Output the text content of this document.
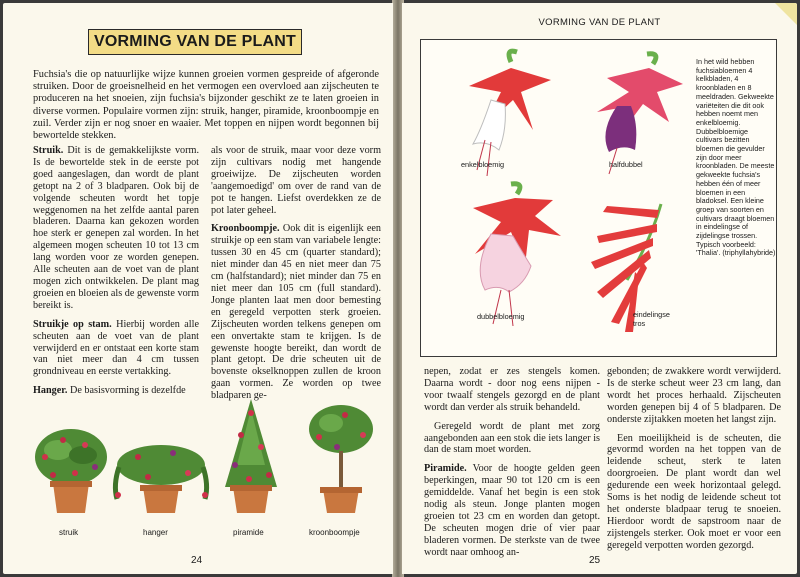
VORMING VAN DE PLANT

Fuchsia's die op natuurlijke wijze kunnen groeien vormen gespreide of afgeronde struiken. Door de groeisnelheid en het vermogen een overvloed aan zijscheuten te produceren na het snoeien, zijn fuchsia's bijzonder geschikt ze te laten groeien in diverse vormen. Populaire vormen zijn: struik, hanger, piramide, kroonboompje en zuil. Verder zijn er nog snoer en waaier. Met toppen en nijpen wordt begonnen bij bewortelde stekken.

Struik. Dit is de gemakkelijkste vorm. Is de bewortelde stek in de eerste pot goed aangeslagen, dan wordt de plant getopt na 2 of 3 bladparen. Ook bij de volgende scheuten wordt het topje weggenomen na het zelfde aantal paren bladeren. Daarna kan gekozen worden hoe sterk er genepen zal worden. In het algemeen mogen scheuten 10 tot 13 cm lang worden voor ze worden genepen. Alle scheuten aan de voet van de plant mogen zich ontwikkelen. De plant mag groeien en bloeien als de gewenste vorm bereikt is.

Struikje op stam. Hierbij worden alle scheuten aan de voet van de plant verwijderd en er ontstaat een korte stam van niet meer dan 4 cm tussen grondniveau en eerste vertakking.

Hanger. De basisvorming is dezelfde

als voor de struik, maar voor deze vorm zijn cultivars nodig met hangende groeiwijze. De zijscheuten worden 'aangemoedigd' om over de rand van de pot te hangen. Liefst overdekken ze de pot later geheel.

Kroonboompje. Ook dit is eigenlijk een struikje op een stam van variabele lengte: tussen 30 en 45 cm (quarter standard); niet minder dan 45 en niet meer dan 75 cm (halfstandard); niet minder dan 75 en niet meer dan 105 cm (full standard). Jonge planten laat men door bemesting en geregeld verpotten sterk groeien. Zijscheuten worden telkens genepen om een onvertakte stam te krijgen. Is de gewenste hoogte bereikt, dan wordt de plant getopt. De drie scheuten uit de bovenste okselknoppen zullen de kroon gaan vormen. Ze worden op twee bladparen ge-

struik	hanger	piramide	kroonboompje
24
VORMING VAN DE PLANT
enkelbloemig	halfdubbel
dubbelbloemig	eindelingse tros

In het wild hebben fuchsiabloemen 4 kelkbladen, 4 kroonbladen en 8 meeldraden. Gekweekte variëteiten die dit ook hebben noemt men enkelbloemig. Dubbelbloemige cultivars bezitten bloemen die gevulder zijn door meer kroonbladen. De meeste gekweekte fuchsia's hebben één of meer bloemen in een bladoksel. Een kleine groep van soorten en cultivars draagt bloemen in eindelingse of zijdelingse trossen. Typisch voorbeeld: 'Thalia'. (triphyllahybride)

nepen, zodat er zes stengels komen. Daarna wordt - door nog eens nijpen - voor twaalf stengels gezorgd en de plant wordt dan verder als struik behandeld.

Geregeld wordt de plant met zorg aangebonden aan een stok die iets langer is dan de stam moet worden.

Piramide. Voor de hoogte gelden geen beperkingen, maar 90 tot 120 cm is een gemiddelde. Vanaf het begin is een stok nodig als steun. Jonge planten mogen groeien tot 23 cm en worden dan getopt. De scheuten mogen drie of vier paar bladeren vormen. De sterkste van de twee wordt naar omhoog an-

gebonden; de zwakkere wordt verwijderd. Is de sterke scheut weer 23 cm lang, dan wordt het proces herhaald. Zijscheuten worden genepen bij 4 of 5 bladparen. De onderste zijtakken moeten het langst zijn.

Een moeilijkheid is de scheuten, die gevormd worden na het toppen van de leidende scheut, sterk te laten doorgroeien. De plant wordt dan wel gedurende een week horizontaal gelegd. Soms is het nodig de leidende scheut tot het onderste bladpaar terug te snoeien. Hierdoor wordt de sapstroom naar de zijstengels sterker. Ook moet er voor een geregeld verpotten worden gezorgd.

25
